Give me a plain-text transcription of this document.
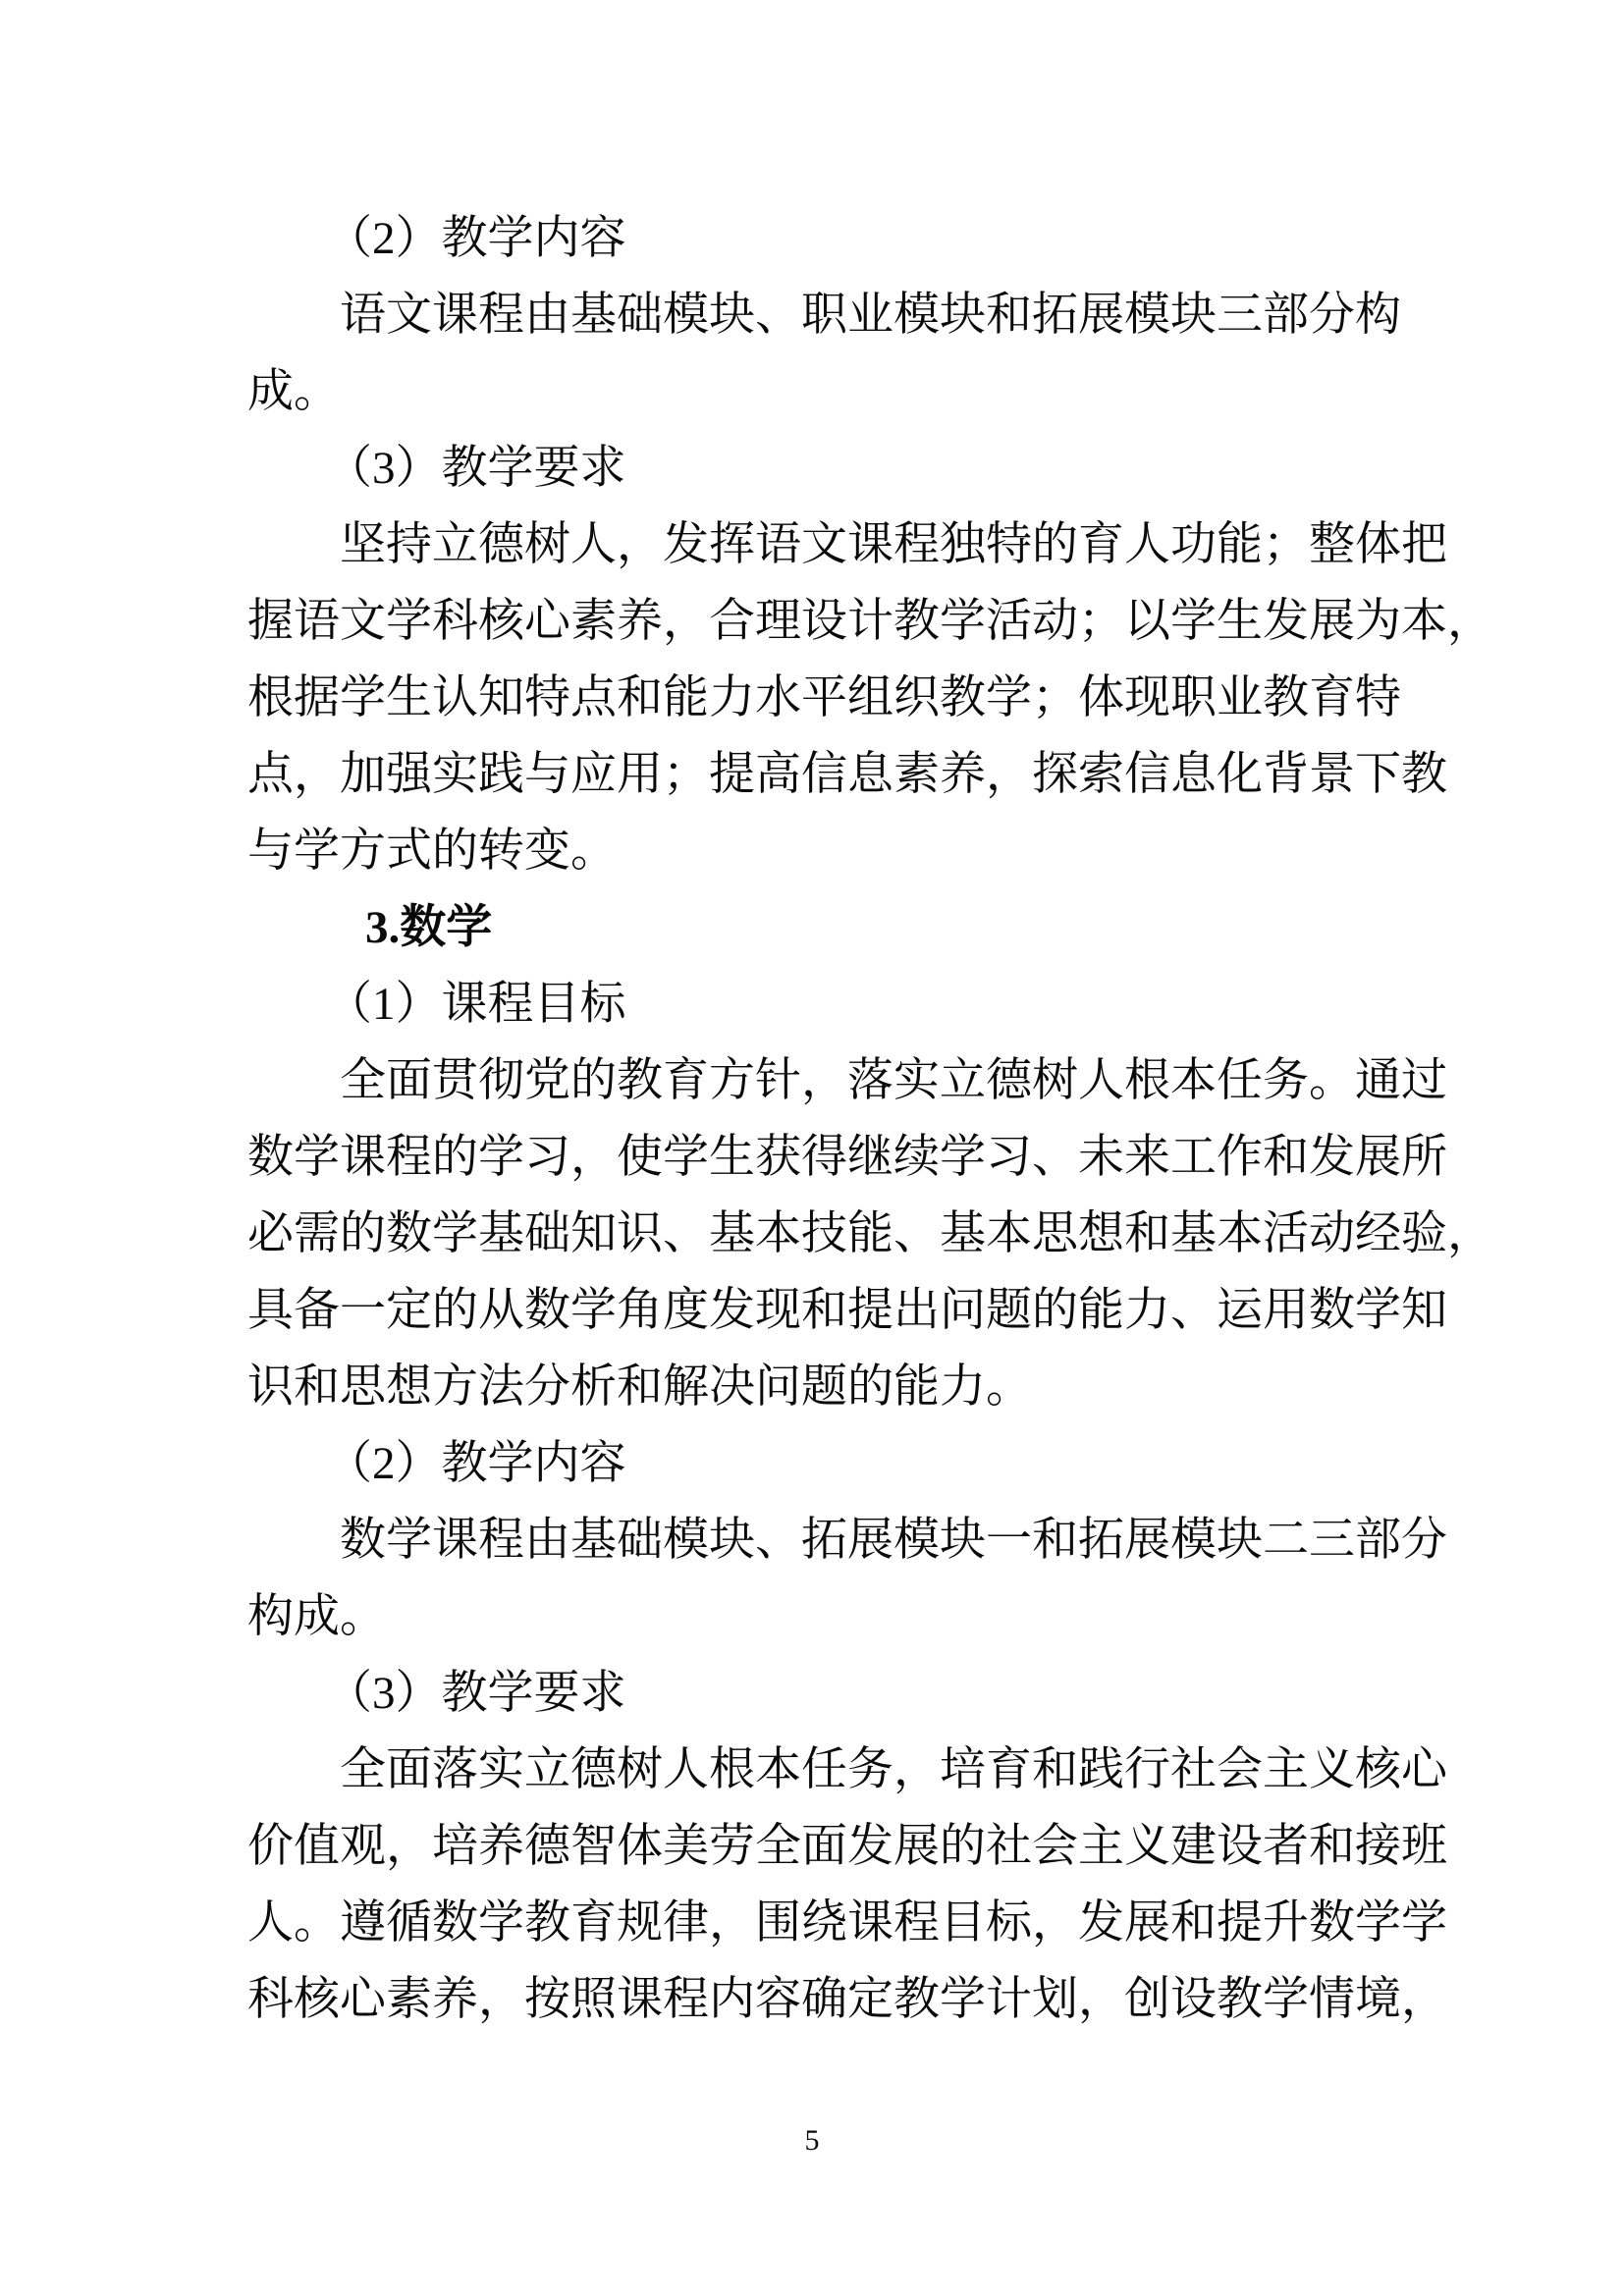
（2）教学内容
语文课程由基础模块、职业模块和拓展模块三部分构
成。
（3）教学要求
坚持立德树人，发挥语文课程独特的育人功能；整体把
握语文学科核心素养，合理设计教学活动；以学生发展为本，
根据学生认知特点和能力水平组织教学；体现职业教育特
点，加强实践与应用；提高信息素养，探索信息化背景下教
与学方式的转变。
3.数学
（1）课程目标
全面贯彻党的教育方针，落实立德树人根本任务。通过
数学课程的学习，使学生获得继续学习、未来工作和发展所
必需的数学基础知识、基本技能、基本思想和基本活动经验，
具备一定的从数学角度发现和提出问题的能力、运用数学知
识和思想方法分析和解决问题的能力。
（2）教学内容
数学课程由基础模块、拓展模块一和拓展模块二三部分
构成。
（3）教学要求
全面落实立德树人根本任务，培育和践行社会主义核心
价值观，培养德智体美劳全面发展的社会主义建设者和接班
人。遵循数学教育规律，围绕课程目标，发展和提升数学学
科核心素养，按照课程内容确定教学计划，创设教学情境，
5
